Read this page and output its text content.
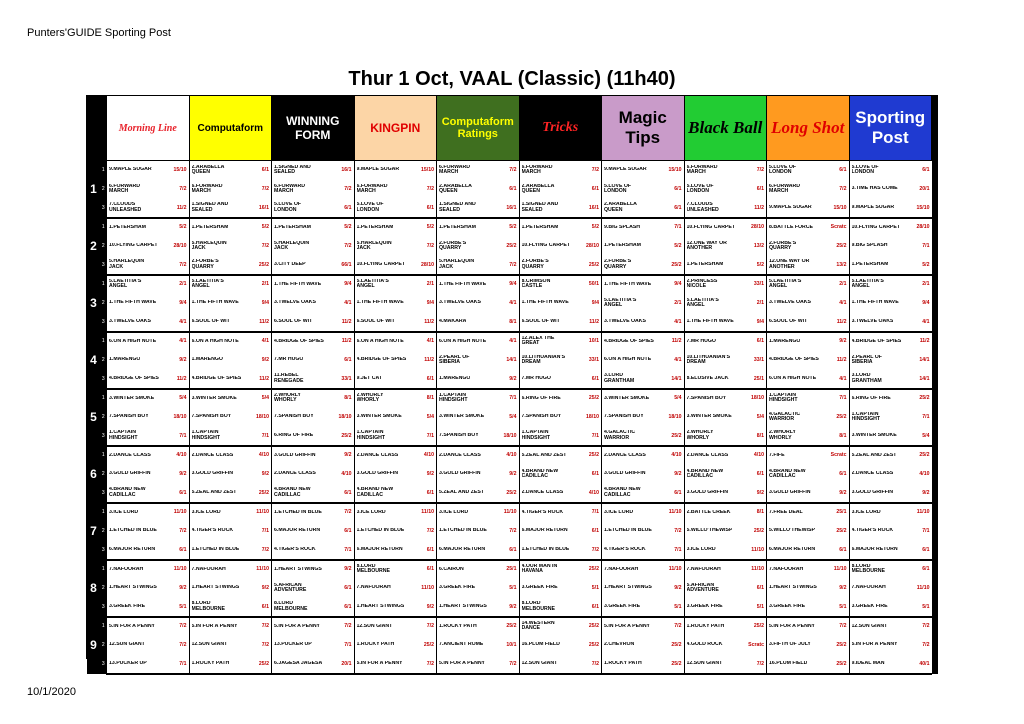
Punters'GUIDE Sporting Post
Thur 1 Oct, VAAL (Classic) (11h40)

Morning Line	Computaform	WINNING FORM	KINGPIN	Computaform Ratings	Tricks	Magic Tips	Black Ball	Long Shot	Sporting Post	

1	1	9.MAPLE SUGAR 15/10	2.ARABELLA QUEEN 6/1	1.SIGNED AND SEALED 16/1	9.MAPLE SUGAR 15/10	6.FORWARD MARCH 7/2	6.FORWARD MARCH 7/2	9.MAPLE SUGAR 15/10	6.FORWARD MARCH 7/2	5.LOVE OF LONDON 6/1	5.LOVE OF LONDON 6/1	

	2	6.FORWARD MARCH 7/2	6.FORWARD MARCH 7/2	6.FORWARD MARCH 7/2	6.FORWARD MARCH 7/2	2.ARABELLA QUEEN 6/1	2.ARABELLA QUEEN 6/1	5.LOVE OF LONDON 6/1	5.LOVE OF LONDON 6/1	6.FORWARD MARCH 7/2	3.TIME HAS COME 20/1	

	3	7.CLOUDS UNLEASHED 11/2	1.SIGNED AND SEALED 16/1	5.LOVE OF LONDON 6/1	5.LOVE OF LONDON 6/1	1.SIGNED AND SEALED 16/1	1.SIGNED AND SEALED 16/1	2.ARABELLA QUEEN 6/1	7.CLOUDS UNLEASHED 11/2	9.MAPLE SUGAR 15/10	9.MAPLE SUGAR 15/10	

2	1	1.PETERSHAM 5/2	1.PETERSHAM 5/2	1.PETERSHAM 5/2	1.PETERSHAM 5/2	1.PETERSHAM 5/2	1.PETERSHAM 5/2	9.BIG SPLASH 7/1	10.FLYING CARPET 28/10	8.BATTLE FORCE Scratc	10.FLYING CARPET 28/10	

	2	10.FLYING CARPET 28/10	5.HARLEQUIN JACK 7/2	5.HARLEQUIN JACK 7/2	5.HARLEQUIN JACK 7/2	2.FORBE'S QUARRY 25/2	10.FLYING CARPET 28/10	1.PETERSHAM 5/2	12.ONE WAY OR ANOTHER 13/2	2.FORBE'S QUARRY 25/2	9.BIG SPLASH 7/1	

	3	5.HARLEQUIN JACK 7/2	2.FORBE'S QUARRY 25/2	3.CITY DEEP 66/1	10.FLYING CARPET 28/10	5.HARLEQUIN JACK 7/2	2.FORBE'S QUARRY 25/2	2.FORBE'S QUARRY 25/2	1.PETERSHAM 5/2	12.ONE WAY OR ANOTHER 13/2	1.PETERSHAM 5/2	

3	1	5.LAETITIA'S ANGEL 2/1	5.LAETITIA'S ANGEL 2/1	1.THE FIFTH WAVE 9/4	5.LAETITIA'S ANGEL 2/1	1.THE FIFTH WAVE 9/4	8.CRIMSON CASTLE 50/1	1.THE FIFTH WAVE 9/4	2.PRINCESS NICOLE 33/1	5.LAETITIA'S ANGEL 2/1	5.LAETITIA'S ANGEL 2/1	

	2	1.THE FIFTH WAVE 9/4	1.THE FIFTH WAVE 9/4	3.TWELVE OAKS 4/1	1.THE FIFTH WAVE 9/4	3.TWELVE OAKS 4/1	1.THE FIFTH WAVE 9/4	5.LAETITIA'S ANGEL 2/1	5.LAETITIA'S ANGEL 2/1	3.TWELVE OAKS 4/1	1.THE FIFTH WAVE 9/4	

	3	3.TWELVE OAKS 4/1	6.SOUL OF WIT 11/2	6.SOUL OF WIT 11/2	6.SOUL OF WIT 11/2	4.MAKARA 8/1	6.SOUL OF WIT 11/2	3.TWELVE OAKS 4/1	1.THE FIFTH WAVE 9/4	6.SOUL OF WIT 11/2	3.TWELVE OAKS 4/1	

4	1	6.ON A HIGH NOTE 4/1	6.ON A HIGH NOTE 4/1	4.BRIDGE OF SPIES 11/2	6.ON A HIGH NOTE 4/1	6.ON A HIGH NOTE 4/1	12.ALEX THE GREAT 10/1	4.BRIDGE OF SPIES 11/2	7.MR HUGO 6/1	1.MARENGO 9/2	4.BRIDGE OF SPIES 11/2	

	2	1.MARENGO 9/2	1.MARENGO 9/2	7.MR HUGO 6/1	4.BRIDGE OF SPIES 11/2	2.PEARL OF SIBERIA 14/1	10.LITHUANIAN'S DREAM 33/1	6.ON A HIGH NOTE 4/1	10.LITHUANIAN'S DREAM 33/1	4.BRIDGE OF SPIES 11/2	2.PEARL OF SIBERIA 14/1	

	3	4.BRIDGE OF SPIES 11/2	4.BRIDGE OF SPIES 11/2	11.REBEL RENEGADE 33/1	9.JET CAT 6/1	1.MARENGO 9/2	7.MR HUGO 6/1	3.LORD GRANTHAM 14/1	8.ELUSIVE JACK 25/1	6.ON A HIGH NOTE 4/1	3.LORD GRANTHAM 14/1	

5	1	3.WINTER SMOKE 5/4	3.WINTER SMOKE 5/4	2.WHORLY WHORLY 8/1	2.WHORLY WHORLY 8/1	1.CAPTAIN HINDSIGHT 7/1	6.RING OF FIRE 25/2	3.WINTER SMOKE 5/4	7.SPANISH BOY 18/10	1.CAPTAIN HINDSIGHT 7/1	6.RING OF FIRE 25/2	

	2	7.SPANISH BOY 18/10	7.SPANISH BOY 18/10	7.SPANISH BOY 18/10	3.WINTER SMOKE 5/4	3.WINTER SMOKE 5/4	7.SPANISH BOY 18/10	7.SPANISH BOY 18/10	3.WINTER SMOKE 5/4	4.GALACTIC WARRIOR 25/2	1.CAPTAIN HINDSIGHT 7/1	

	3	1.CAPTAIN HINDSIGHT 7/1	1.CAPTAIN HINDSIGHT 7/1	6.RING OF FIRE 25/2	1.CAPTAIN HINDSIGHT 7/1	7.SPANISH BOY 18/10	1.CAPTAIN HINDSIGHT 7/1	4.GALACTIC WARRIOR 25/2	2.WHORLY WHORLY 8/1	2.WHORLY WHORLY 8/1	3.WINTER SMOKE 5/4	

6	1	2.DANCE CLASS 4/10	2.DANCE CLASS 4/10	3.GOLD GRIFFIN 9/2	2.DANCE CLASS 4/10	2.DANCE CLASS 4/10	5.ZEAL AND ZEST 25/2	2.DANCE CLASS 4/10	2.DANCE CLASS 4/10	7.FIFE Scratc	5.ZEAL AND ZEST 25/2	

	2	3.GOLD GRIFFIN 9/2	3.GOLD GRIFFIN 9/2	2.DANCE CLASS 4/10	3.GOLD GRIFFIN 9/2	3.GOLD GRIFFIN 9/2	4.BRAND NEW CADILLAC 6/1	3.GOLD GRIFFIN 9/2	4.BRAND NEW CADILLAC 6/1	4.BRAND NEW CADILLAC 6/1	2.DANCE CLASS 4/10	

	3	4.BRAND NEW CADILLAC 6/1	5.ZEAL AND ZEST 25/2	4.BRAND NEW CADILLAC 6/1	4.BRAND NEW CADILLAC 6/1	5.ZEAL AND ZEST 25/2	2.DANCE CLASS 4/10	4.BRAND NEW CADILLAC 6/1	3.GOLD GRIFFIN 9/2	3.GOLD GRIFFIN 9/2	3.GOLD GRIFFIN 9/2	

7	1	3.ICE LORD 11/10	3.ICE LORD 11/10	1.ETCHED IN BLUE 7/2	3.ICE LORD 11/10	3.ICE LORD 11/10	4.TIGER'S ROCK 7/1	3.ICE LORD 11/10	2.BATTLE CREEK 8/1	7.FREE DEAL 25/1	3.ICE LORD 11/10	

	2	1.ETCHED IN BLUE 7/2	4.TIGER'S ROCK 7/1	6.MAJOR RETURN 6/1	1.ETCHED IN BLUE 7/2	1.ETCHED IN BLUE 7/2	6.MAJOR RETURN 6/1	1.ETCHED IN BLUE 7/2	5.WILLO'THEWISP 25/2	5.WILLO'THEWISP 25/2	4.TIGER'S ROCK 7/1	

	3	6.MAJOR RETURN 6/1	1.ETCHED IN BLUE 7/2	4.TIGER'S ROCK 7/1	6.MAJOR RETURN 6/1	6.MAJOR RETURN 6/1	1.ETCHED IN BLUE 7/2	4.TIGER'S ROCK 7/1	3.ICE LORD 11/10	6.MAJOR RETURN 6/1	6.MAJOR RETURN 6/1	

8	1	7.NAFOORAH 11/10	7.NAFOORAH 11/10	1.HEART STWINGS 9/2	8.LORD MELBOURNE 6/1	6.CAIRON 25/1	4.OUR MAN IN HAVANA 25/2	7.NAFOORAH 11/10	7.NAFOORAH 11/10	7.NAFOORAH 11/10	8.LORD MELBOURNE 6/1	

	2	1.HEART STWINGS 9/2	1.HEART STWINGS 9/2	5.AFRICAN ADVENTURE 6/1	7.NAFOORAH 11/10	3.GREEK FIRE 5/1	3.GREEK FIRE 5/1	1.HEART STWINGS 9/2	5.AFRICAN ADVENTURE 6/1	1.HEART STWINGS 9/2	7.NAFOORAH 11/10	

	3	3.GREEK FIRE 5/1	8.LORD MELBOURNE 6/1	8.LORD MELBOURNE 6/1	1.HEART STWINGS 9/2	1.HEART STWINGS 9/2	8.LORD MELBOURNE 6/1	3.GREEK FIRE 5/1	3.GREEK FIRE 5/1	3.GREEK FIRE 5/1	3.GREEK FIRE 5/1	

9	1	5.IN FOR A PENNY 7/2	5.IN FOR A PENNY 7/2	5.IN FOR A PENNY 7/2	12.SUN GIANT 7/2	1.ROCKY PATH 25/2	14.WESTERN DANCE 25/2	5.IN FOR A PENNY 7/2	1.ROCKY PATH 25/2	5.IN FOR A PENNY 7/2	12.SUN GIANT 7/2	

	2	12.SUN GIANT 7/2	12.SUN GIANT 7/2	13.PUCKER UP 7/1	1.ROCKY PATH 25/2	7.ANCIENT ROME 10/1	16.PLUM FIELD 25/2	2.CHEVRON 25/2	4.GOLD ROCK Scratc	3.FIFTH OF JULY 25/2	5.IN FOR A PENNY 7/2	

	3	13.PUCKER UP 7/1	1.ROCKY PATH 25/2	6.JAGESA JAGESA 20/1	5.IN FOR A PENNY 7/2	5.IN FOR A PENNY 7/2	12.SUN GIANT 7/2	1.ROCKY PATH 25/2	12.SUN GIANT 7/2	16.PLUM FIELD 25/2	9.IDEAL MAN 40/1	

10/1/2020
